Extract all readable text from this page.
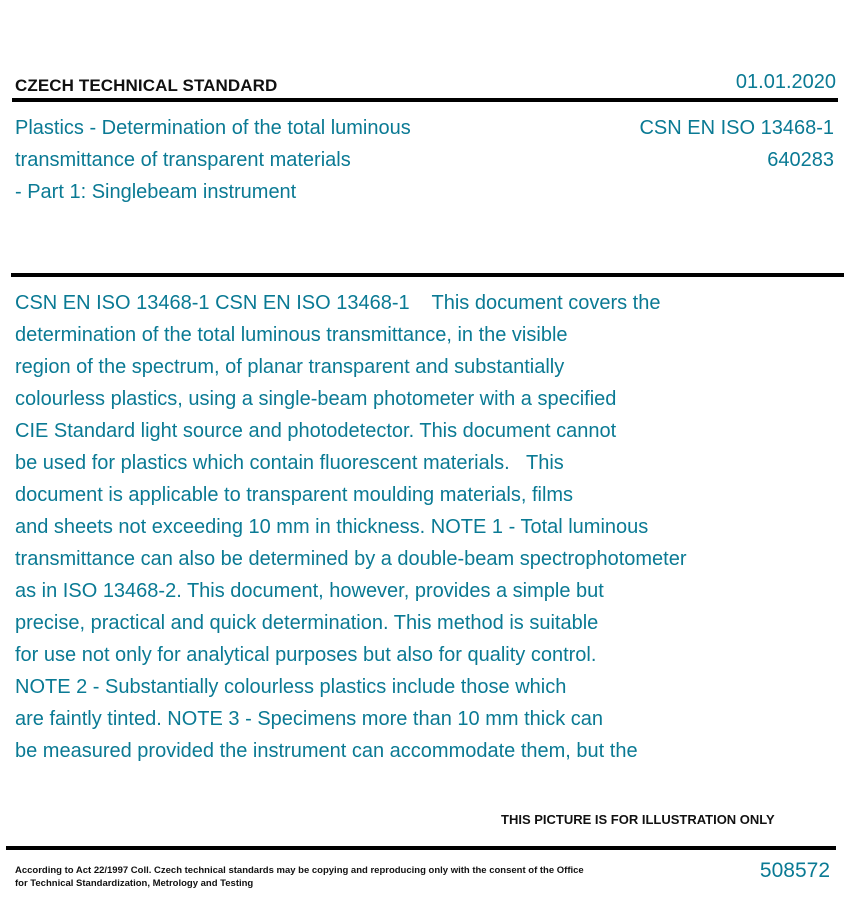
CZECH TECHNICAL STANDARD	01.01.2020
Plastics - Determination of the total luminous
transmittance of transparent materials
- Part 1: Singlebeam instrument
CSN EN ISO 13468-1
640283
CSN EN ISO 13468-1 CSN EN ISO 13468-1    This document covers the
determination of the total luminous transmittance, in the visible
region of the spectrum, of planar transparent and substantially
colourless plastics, using a single-beam photometer with a specified
CIE Standard light source and photodetector. This document cannot
be used for plastics which contain fluorescent materials.   This
document is applicable to transparent moulding materials, films
and sheets not exceeding 10 mm in thickness. NOTE 1 - Total luminous
transmittance can also be determined by a double-beam spectrophotometer
as in ISO 13468-2. This document, however, provides a simple but
precise, practical and quick determination. This method is suitable
for use not only for analytical purposes but also for quality control.
NOTE 2 - Substantially colourless plastics include those which
are faintly tinted. NOTE 3 - Specimens more than 10 mm thick can
be measured provided the instrument can accommodate them, but the
THIS PICTURE IS FOR ILLUSTRATION ONLY
According to Act 22/1997 Coll. Czech technical standards may be copying and reproducing only with the consent of the Office
for Technical Standardization, Metrology and Testing
508572
